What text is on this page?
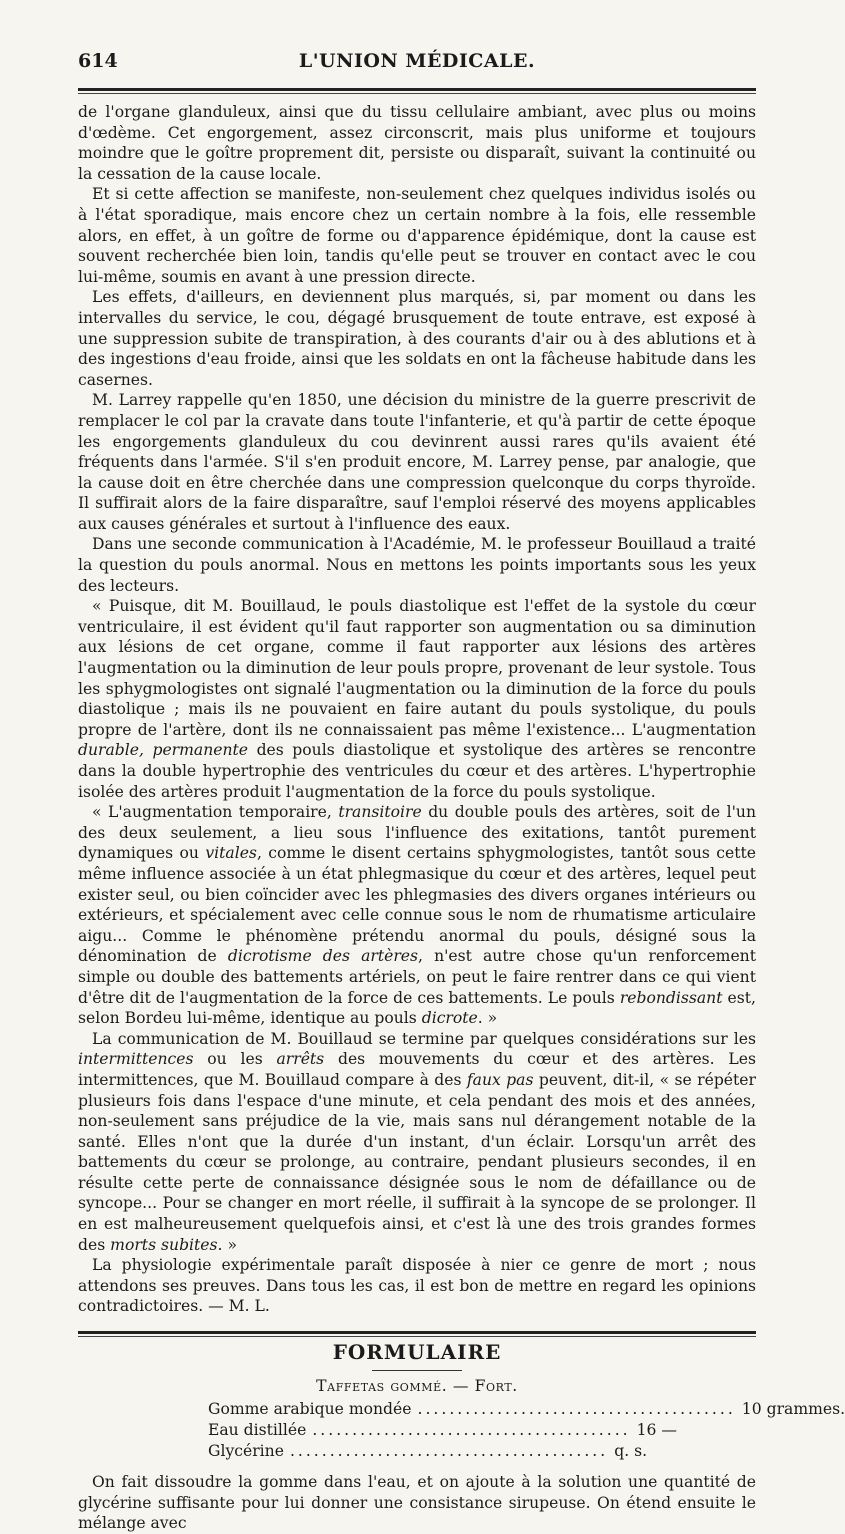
614	L'UNION MÉDICALE.

de l'organe glanduleux, ainsi que du tissu cellulaire ambiant, avec plus ou moins d'œdème. Cet engorgement, assez circonscrit, mais plus uniforme et toujours moindre que le goître proprement dit, persiste ou disparaît, suivant la continuité ou la cessation de la cause locale.

Et si cette affection se manifeste, non-seulement chez quelques individus isolés ou à l'état sporadique, mais encore chez un certain nombre à la fois, elle ressemble alors, en effet, à un goître de forme ou d'apparence épidémique, dont la cause est souvent recherchée bien loin, tandis qu'elle peut se trouver en contact avec le cou lui-même, soumis en avant à une pression directe.

Les effets, d'ailleurs, en deviennent plus marqués, si, par moment ou dans les intervalles du service, le cou, dégagé brusquement de toute entrave, est exposé à une suppression subite de transpiration, à des courants d'air ou à des ablutions et à des ingestions d'eau froide, ainsi que les soldats en ont la fâcheuse habitude dans les casernes.

M. Larrey rappelle qu'en 1850, une décision du ministre de la guerre prescrivit de remplacer le col par la cravate dans toute l'infanterie, et qu'à partir de cette époque les engorgements glanduleux du cou devinrent aussi rares qu'ils avaient été fréquents dans l'armée. S'il s'en produit encore, M. Larrey pense, par analogie, que la cause doit en être cherchée dans une compression quelconque du corps thyroïde. Il suffirait alors de la faire disparaître, sauf l'emploi réservé des moyens applicables aux causes générales et surtout à l'influence des eaux.

Dans une seconde communication à l'Académie, M. le professeur Bouillaud a traité la question du pouls anormal. Nous en mettons les points importants sous les yeux des lecteurs.

« Puisque, dit M. Bouillaud, le pouls diastolique est l'effet de la systole du cœur ventriculaire, il est évident qu'il faut rapporter son augmentation ou sa diminution aux lésions de cet organe, comme il faut rapporter aux lésions des artères l'augmentation ou la diminution de leur pouls propre, provenant de leur systole. Tous les sphygmologistes ont signalé l'augmentation ou la diminution de la force du pouls diastolique ; mais ils ne pouvaient en faire autant du pouls systolique, du pouls propre de l'artère, dont ils ne connaissaient pas même l'existence... L'augmentation durable, permanente des pouls diastolique et systolique des artères se rencontre dans la double hypertrophie des ventricules du cœur et des artères. L'hypertrophie isolée des artères produit l'augmentation de la force du pouls systolique.

« L'augmentation temporaire, transitoire du double pouls des artères, soit de l'un des deux seulement, a lieu sous l'influence des exitations, tantôt purement dynamiques ou vitales, comme le disent certains sphygmologistes, tantôt sous cette même influence associée à un état phlegmasique du cœur et des artères, lequel peut exister seul, ou bien coïncider avec les phlegmasies des divers organes intérieurs ou extérieurs, et spécialement avec celle connue sous le nom de rhumatisme articulaire aigu... Comme le phénomène prétendu anormal du pouls, désigné sous la dénomination de dicrotisme des artères, n'est autre chose qu'un renforcement simple ou double des battements artériels, on peut le faire rentrer dans ce qui vient d'être dit de l'augmentation de la force de ces battements. Le pouls rebondissant est, selon Bordeu lui-même, identique au pouls dicrote. »

La communication de M. Bouillaud se termine par quelques considérations sur les intermittences ou les arrêts des mouvements du cœur et des artères. Les intermittences, que M. Bouillaud compare à des faux pas peuvent, dit-il, « se répéter plusieurs fois dans l'espace d'une minute, et cela pendant des mois et des années, non-seulement sans préjudice de la vie, mais sans nul dérangement notable de la santé. Elles n'ont que la durée d'un instant, d'un éclair. Lorsqu'un arrêt des battements du cœur se prolonge, au contraire, pendant plusieurs secondes, il en résulte cette perte de connaissance désignée sous le nom de défaillance ou de syncope... Pour se changer en mort réelle, il suffirait à la syncope de se prolonger. Il en est malheureusement quelquefois ainsi, et c'est là une des trois grandes formes des morts subites. »

La physiologie expérimentale paraît disposée à nier ce genre de mort ; nous attendons ses preuves. Dans tous les cas, il est bon de mettre en regard les opinions contradictoires. — M. L.

FORMULAIRE
Taffetas gommé. — Fort.
Gomme arabique mondée ........................................ 10 grammes.
Eau distillée ........................................ 16 —
Glycérine ........................................ q. s.
On fait dissoudre la gomme dans l'eau, et on ajoute à la solution une quantité de glycérine suffisante pour lui donner une consistance sirupeuse. On étend ensuite le mélange avec
